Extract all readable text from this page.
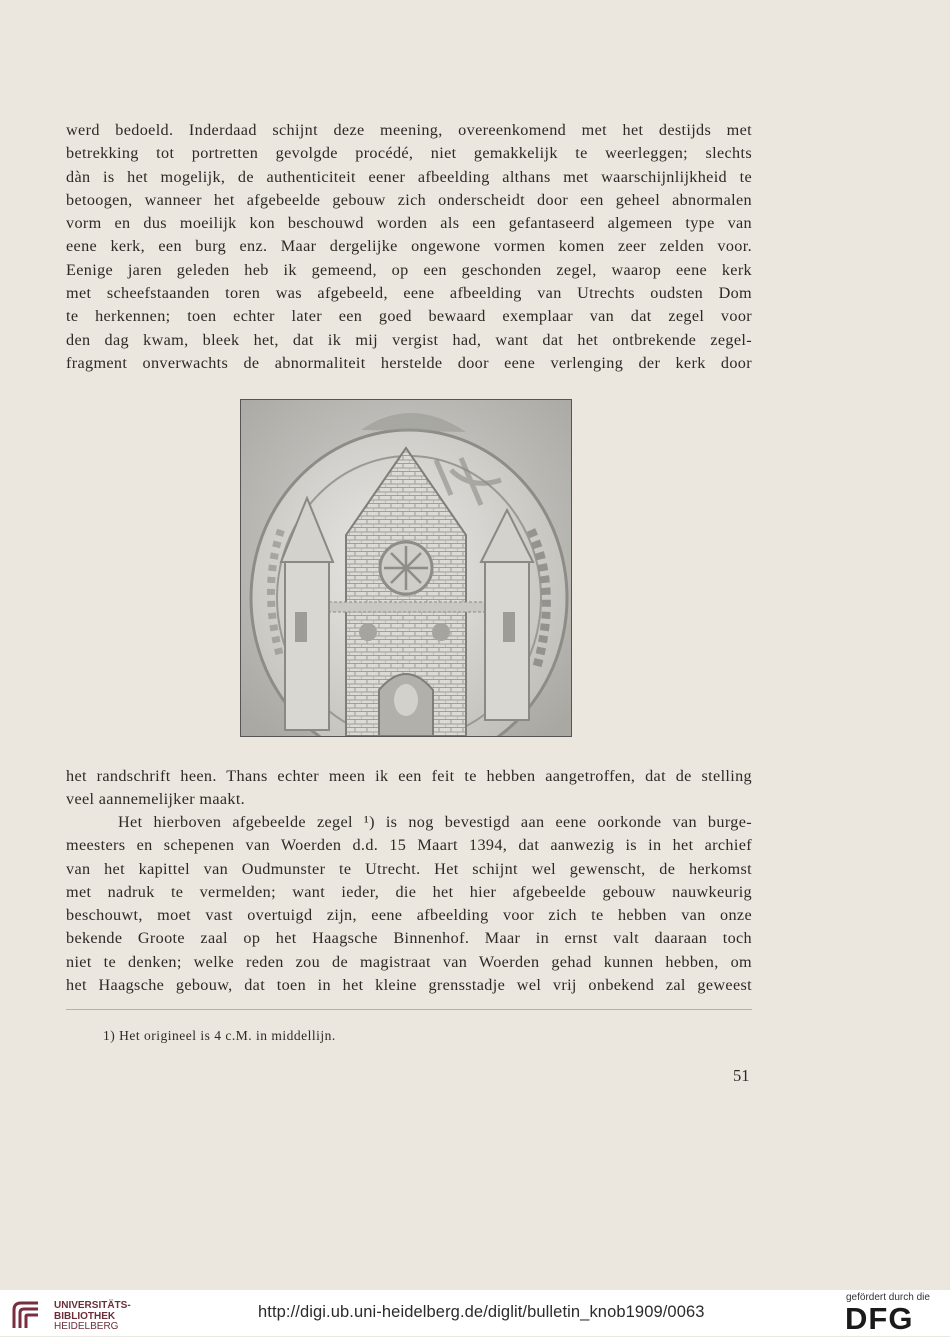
werd bedoeld. Inderdaad schijnt deze meening, overeenkomend met het destijds met
betrekking tot portretten gevolgde procédé, niet gemakkelijk te weerleggen; slechts
dàn is het mogelijk, de authenticiteit eener afbeelding althans met waarschijnlijkheid te
betoogen, wanneer het afgebeelde gebouw zich onderscheidt door een geheel abnormalen
vorm en dus moeilijk kon beschouwd worden als een gefantaseerd algemeen type van
eene kerk, een burg enz. Maar dergelijke ongewone vormen komen zeer zelden voor.
Eenige jaren geleden heb ik gemeend, op een geschonden zegel, waarop eene kerk
met scheefstaanden toren was afgebeeld, eene afbeelding van Utrechts oudsten Dom
te herkennen; toen echter later een goed bewaard exemplaar van dat zegel voor
den dag kwam, bleek het, dat ik mij vergist had, want dat het ontbrekende zegel-
fragment onverwachts de abnormaliteit herstelde door eene verlenging der kerk door
het randschrift heen. Thans echter meen ik een feit te hebben aangetroffen, dat de stelling
veel aannemelijker maakt.
Het hierboven afgebeelde zegel ¹) is nog bevestigd aan eene oorkonde van burge-
meesters en schepenen van Woerden d.d. 15 Maart 1394, dat aanwezig is in het archief
van het kapittel van Oudmunster te Utrecht. Het schijnt wel gewenscht, de herkomst
met nadruk te vermelden; want ieder, die het hier afgebeelde gebouw nauwkeurig
beschouwt, moet vast overtuigd zijn, eene afbeelding voor zich te hebben van onze
bekende Groote zaal op het Haagsche Binnenhof. Maar in ernst valt daaraan toch
niet te denken; welke reden zou de magistraat van Woerden gehad kunnen hebben, om
het Haagsche gebouw, dat toen in het kleine grensstadje wel vrij onbekend zal geweest
1) Het origineel is 4 c.M. in middellijn.
51
UNIVERSITÄTS-
BIBLIOTHEK
HEIDELBERG
http://digi.ub.uni-heidelberg.de/diglit/bulletin_knob1909/0063
gefördert durch die
DFG
